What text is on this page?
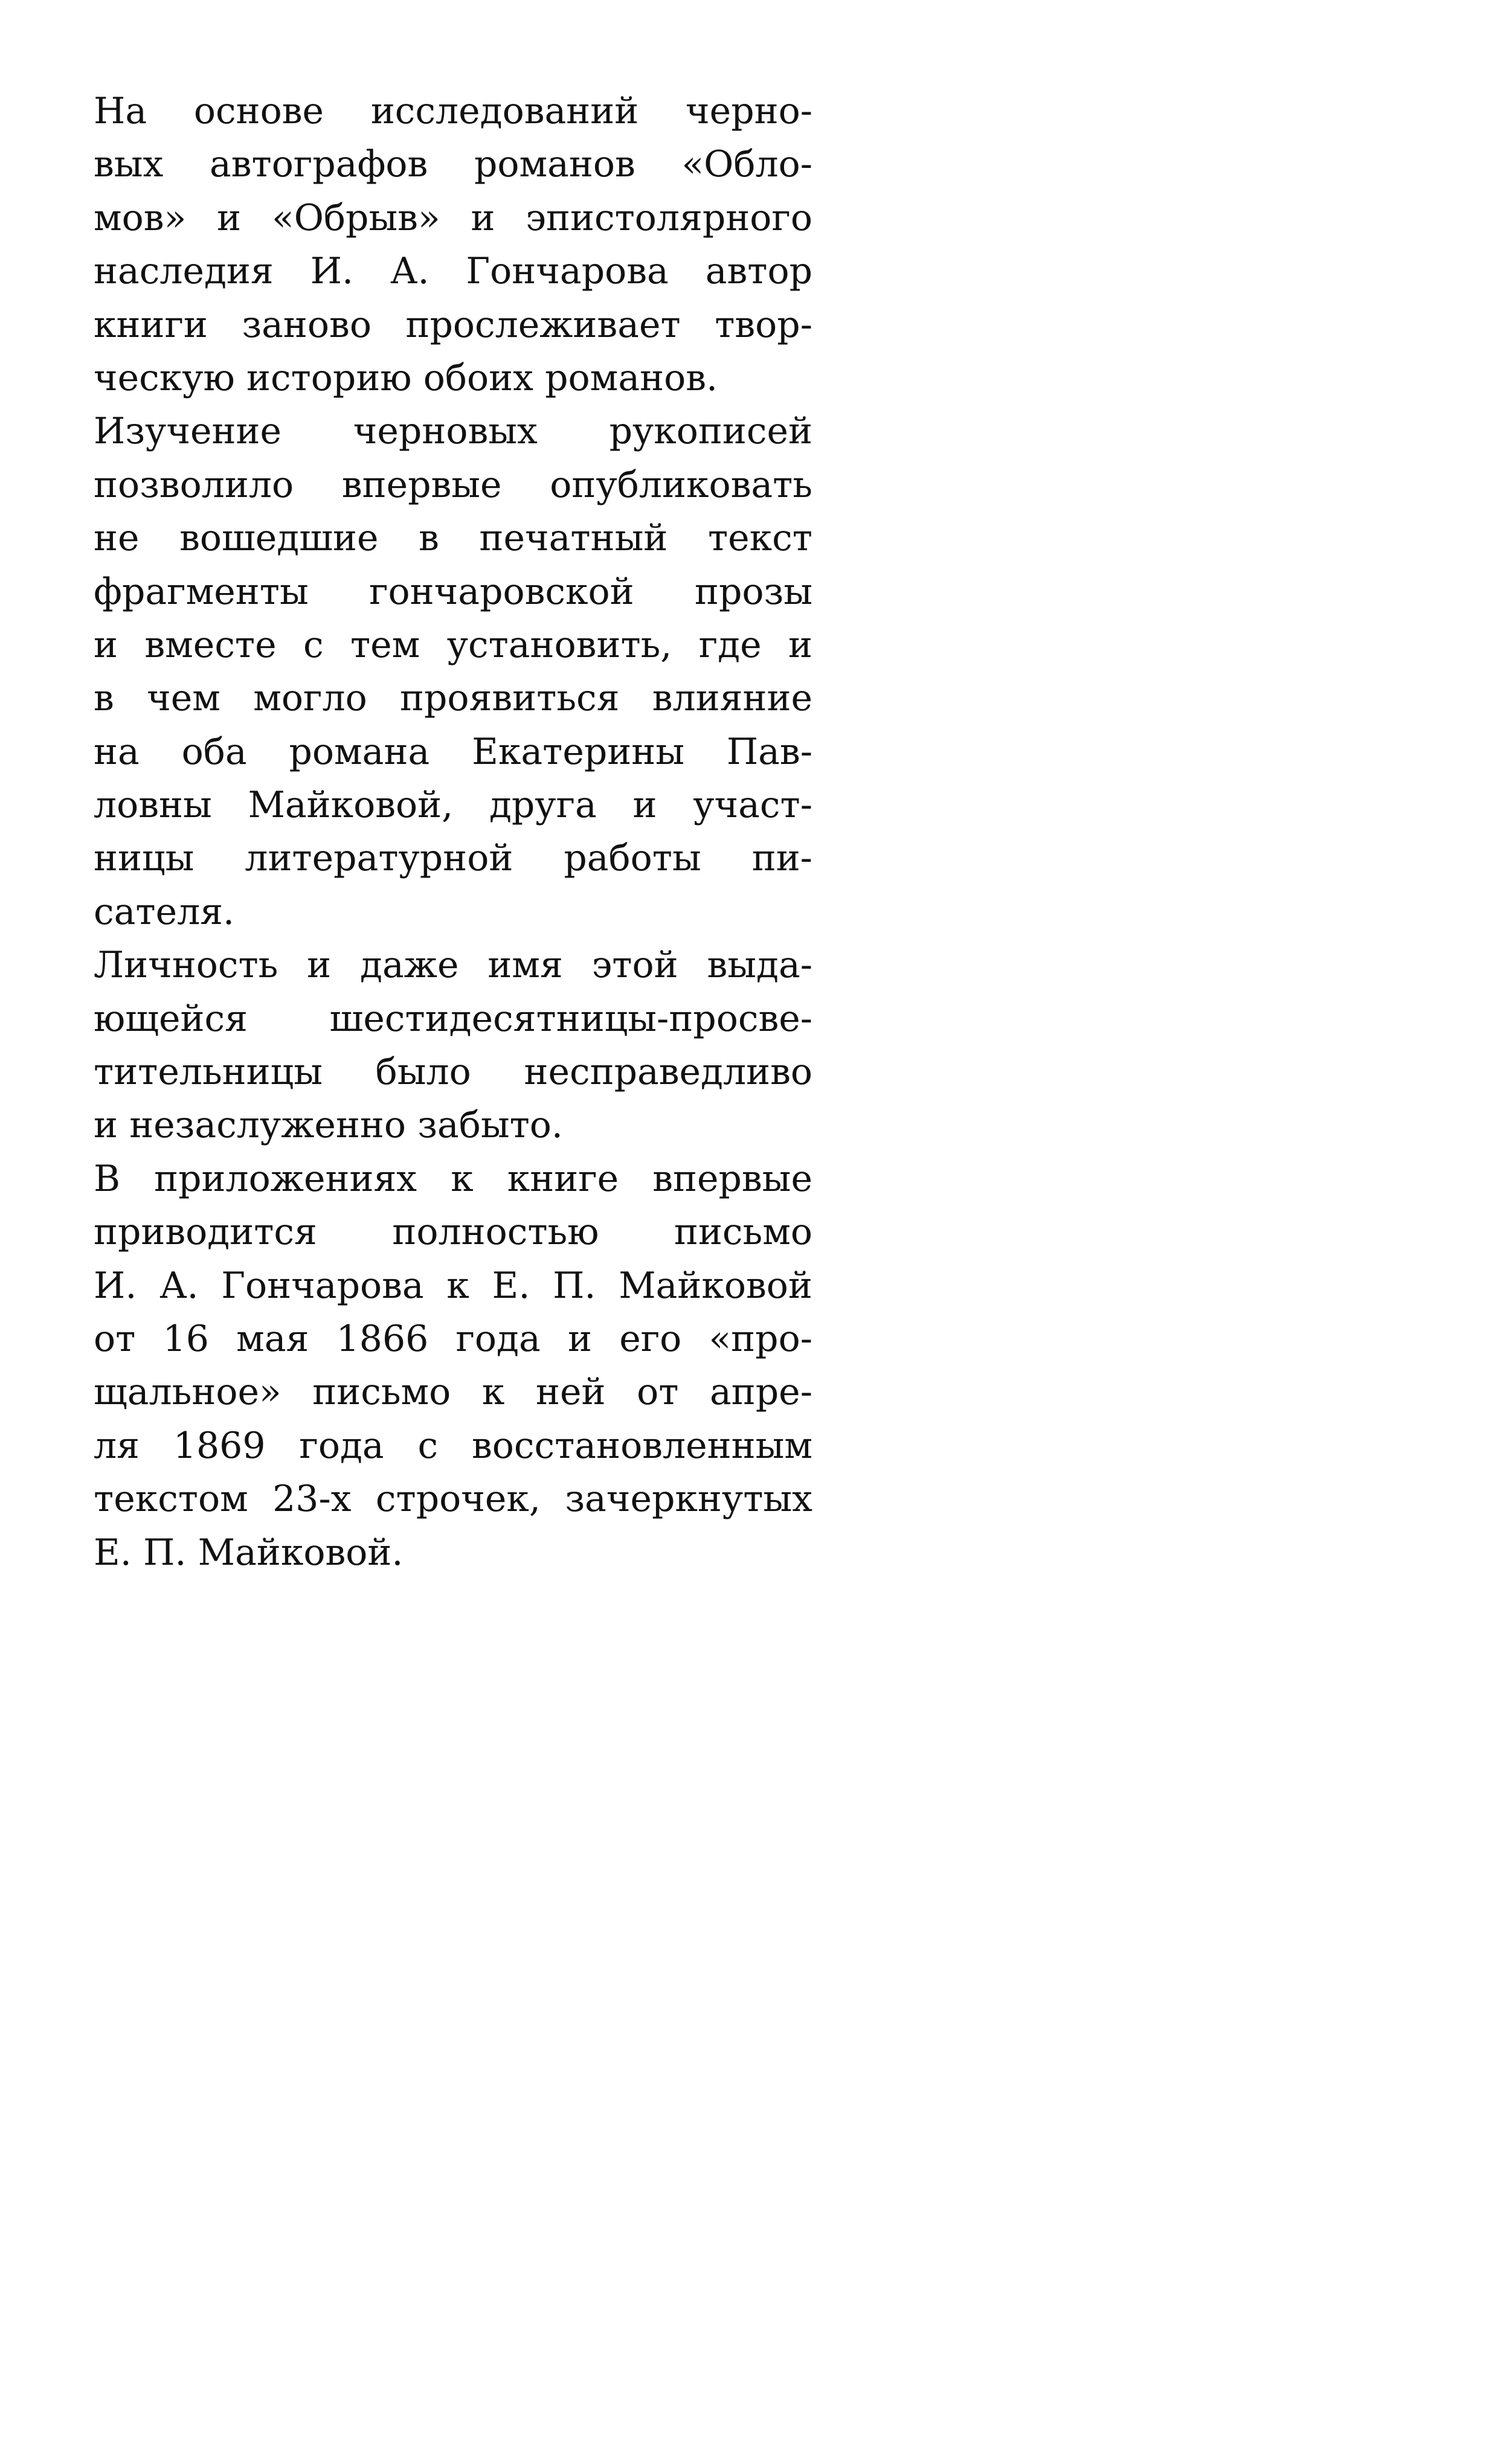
На основе исследований черно-
вых автографов романов «Обло-
мов» и «Обрыв» и эпистолярного
наследия И. А. Гончарова автор
книги заново прослеживает твор-
ческую историю обоих романов.
Изучение черновых рукописей
позволило впервые опубликовать
не вошедшие в печатный текст
фрагменты гончаровской прозы
и вместе с тем установить, где и
в чем могло проявиться влияние
на оба романа Екатерины Пав-
ловны Майковой, друга и участ-
ницы литературной работы пи-
сателя.
Личность и даже имя этой выда-
ющейся шестидесятницы-просве-
тительницы было несправедливо
и незаслуженно забыто.
В приложениях к книге впервые
приводится полностью письмо
И. А. Гончарова к Е. П. Майковой
от 16 мая 1866 года и его «про-
щальное» письмо к ней от апре-
ля 1869 года с восстановленным
текстом 23-х строчек, зачеркнутых
Е. П. Майковой.
